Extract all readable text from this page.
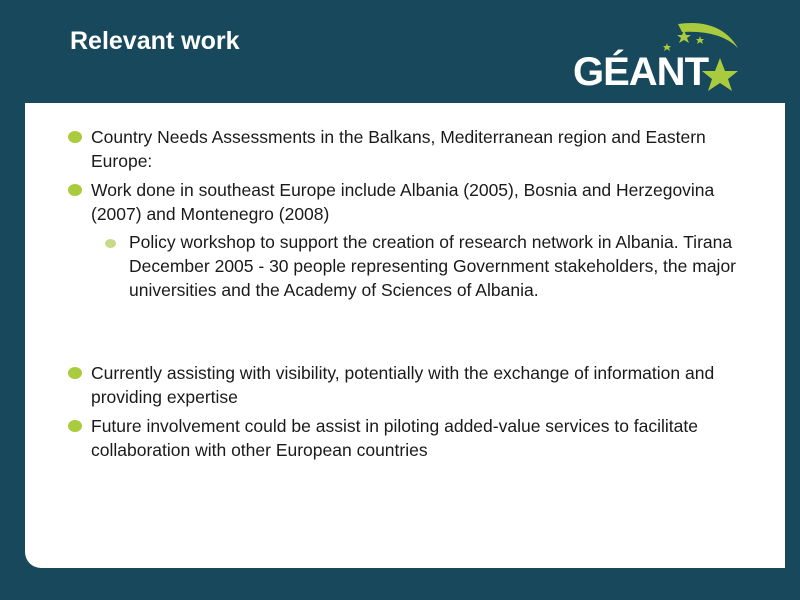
Relevant work
GÉANT
Country Needs Assessments in the Balkans, Mediterranean region and Eastern Europe:
Work done in southeast Europe include Albania (2005), Bosnia and Herzegovina (2007) and Montenegro (2008)
Policy workshop to support the creation of research network in Albania. Tirana December 2005 - 30 people representing Government stakeholders, the major universities and the Academy of Sciences of Albania.
Currently assisting with visibility, potentially with the exchange of information and providing expertise
Future involvement could be assist in piloting added-value services to facilitate collaboration with other European countries
connect • communicate • collaborate
